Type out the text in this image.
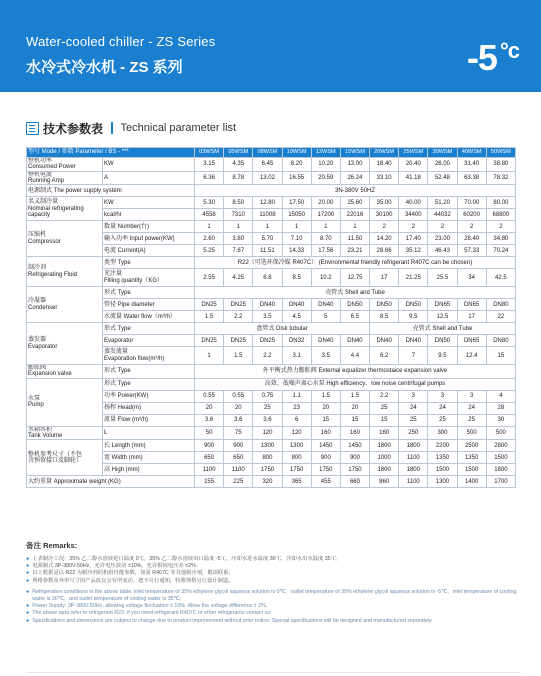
Water-cooled chiller - ZS Series
水冷式冷水机 - ZS 系列	-5 $^{^\circ c}$
技术参数表 Technical parameter list
型号 Mode / 参数 Parameter / BS - ***		03WSM	05WSM	08WSM	10WSM	12WSM	15WSM	20WSM	25WSM	30WSM	40WSM	50WSM
整机功率
Consumed Power	KW	3.15	4.35	6.45	8.20	10.20	13.00	16.40	20.40	26.00	31.40	38.80
整机电流
Running Amp	A	6.36	8.78	13.02	16.55	20.59	26.24	33.10	41.18	52.48	63.38	78.32
电源制式 The power supply system		3N-380V 50HZ										
名义制冷量
Nominal refrigerating
capacity	KW	5.30	8.50	12.80	17.50	20.00	25.60	35.00	40.00	51.20	70.00	80.00
	kcal/hr	4558	7310	11008	15050	17200	22016	30100	34400	44032	60200	68800
压缩机
Compressor	数量 Number(台)	1	1	1	1	1	1	2	2	2	2	2
	输入功率 Input power(KW)	2.60	3.80	5.70	7.10	8.70	11.50	14.20	17.40	23.00	28.40	34.80
	电流 Current(A)	5.25	7.67	11.51	14.33	17.56	23.21	28.66	35.12	46.43	57.33	70.24
制冷剂
Refrigerating Fluid	类型 Type	R22（可选环保冷媒 R407C） (Environmental friendly refrigerant R407C can be chosen)										
	充注量
Filling quantity（KG）	2.55	4.25	6.8	8.5	10.2	12.75	17	21.25	25.5	34	42.5
冷凝器
Condenser	形式 Type	壳管式 Shell and Tube										
	管径 Pipe diameter	DN25	DN25	DN40	DN40	DN40	DN50	DN50	DN50	DN65	DN65	DN80
	水流量 Water flow（m³/h）	1.5	2.2	3.5	4.5	5	6.5	8.5	9.5	12.5	17	22
蒸发器
Evaporator	形式 Type	盘管式 Disk tubular						壳管式 Shell and Tube				
	Evaporator	DN25	DN25	DN25	DN32	DN40	DN40	DN40	DN40	DN50	DN65	DN80
	蒸发流量
Evaporation flow(m³/h)	1	1.5	2.2	3.1	3.5	4.4	6.2	7	9.5	12.4	15
膨胀阀
Expansion valve	形式 Type	外平衡式热力膨胀阀 External equalizer thermostaice expansion valve										
水泵
Pump	形式 Type	高效、低噪声离心水泵 High efficiency、low noise centrifugal pumps										
	功率 Power(KW)	0.55	0.55	0.75	1.1	1.5	1.5	2.2	3	3	3	4
	扬程 Head(m)	20	20	25	23	20	20	25	24	24	24	28
	流量 Flow (m³/h)	3.6	3.6	3.6	6	15	15	15	25	25	25	30
水箱容积
Tank Volume	L	50	75	120	120	160	160	160	250	300	500	500
整机参考尺寸（不包
含预留接口及脚轮）	长 Length (mm)	900	900	1300	1300	1450	1450	1800	1800	2200	2500	2800
	宽 Width (mm)	650	650	800	800	900	900	1000	1100	1350	1350	1500
	高 High (mm)	1100	1100	1750	1750	1750	1750	1800	1800	1500	1500	1800
大约重量 Approximate weight (KG)		155	225	320	365	455	660	860	1100	1300	1400	1700
备注 Remarks:
● 上表制冷工况：35% 乙二醇水溶液进口温度 0℃，35% 乙二醇水溶液出口温度 -5℃，冷却水进水温度 30℃，冷却水出水温度 35℃；
● 电源制式 3P-380V-50Hz，允许电压波动 ±10%，允许相间电压差 ±2%；
● 以上数据是以 R22 为制冷剂的机组性能参数，如需 R407C 等其他制冷剂，敬请联系；
● 规格参数及外形尺寸因产品改良会有所变动，恕不另行通知，特殊规格另行设计制造。
● Refrigeration conditions in the above table: inlet temperature of 35% ethylene glycol aqueous solution is 0℃，outlet temperature of 35% ethylene glycol aqueous solution is -5℃，inlet temperature of cooling water is 30℃，and outlet temperature of cooling water is 35℃；
● Power Supply: 3P-380V-50Hz, allowing voltage fluctuation ± 10%. Allow the voltage difference ± 2%.
● The above data refer to refrigerant R22, if you need refrigerant R407C or other refrigerants contact us;
● Specifications and dimensions are subject to change due to product improvement without prior notice. Special specifications will be designed and manufactured separately
